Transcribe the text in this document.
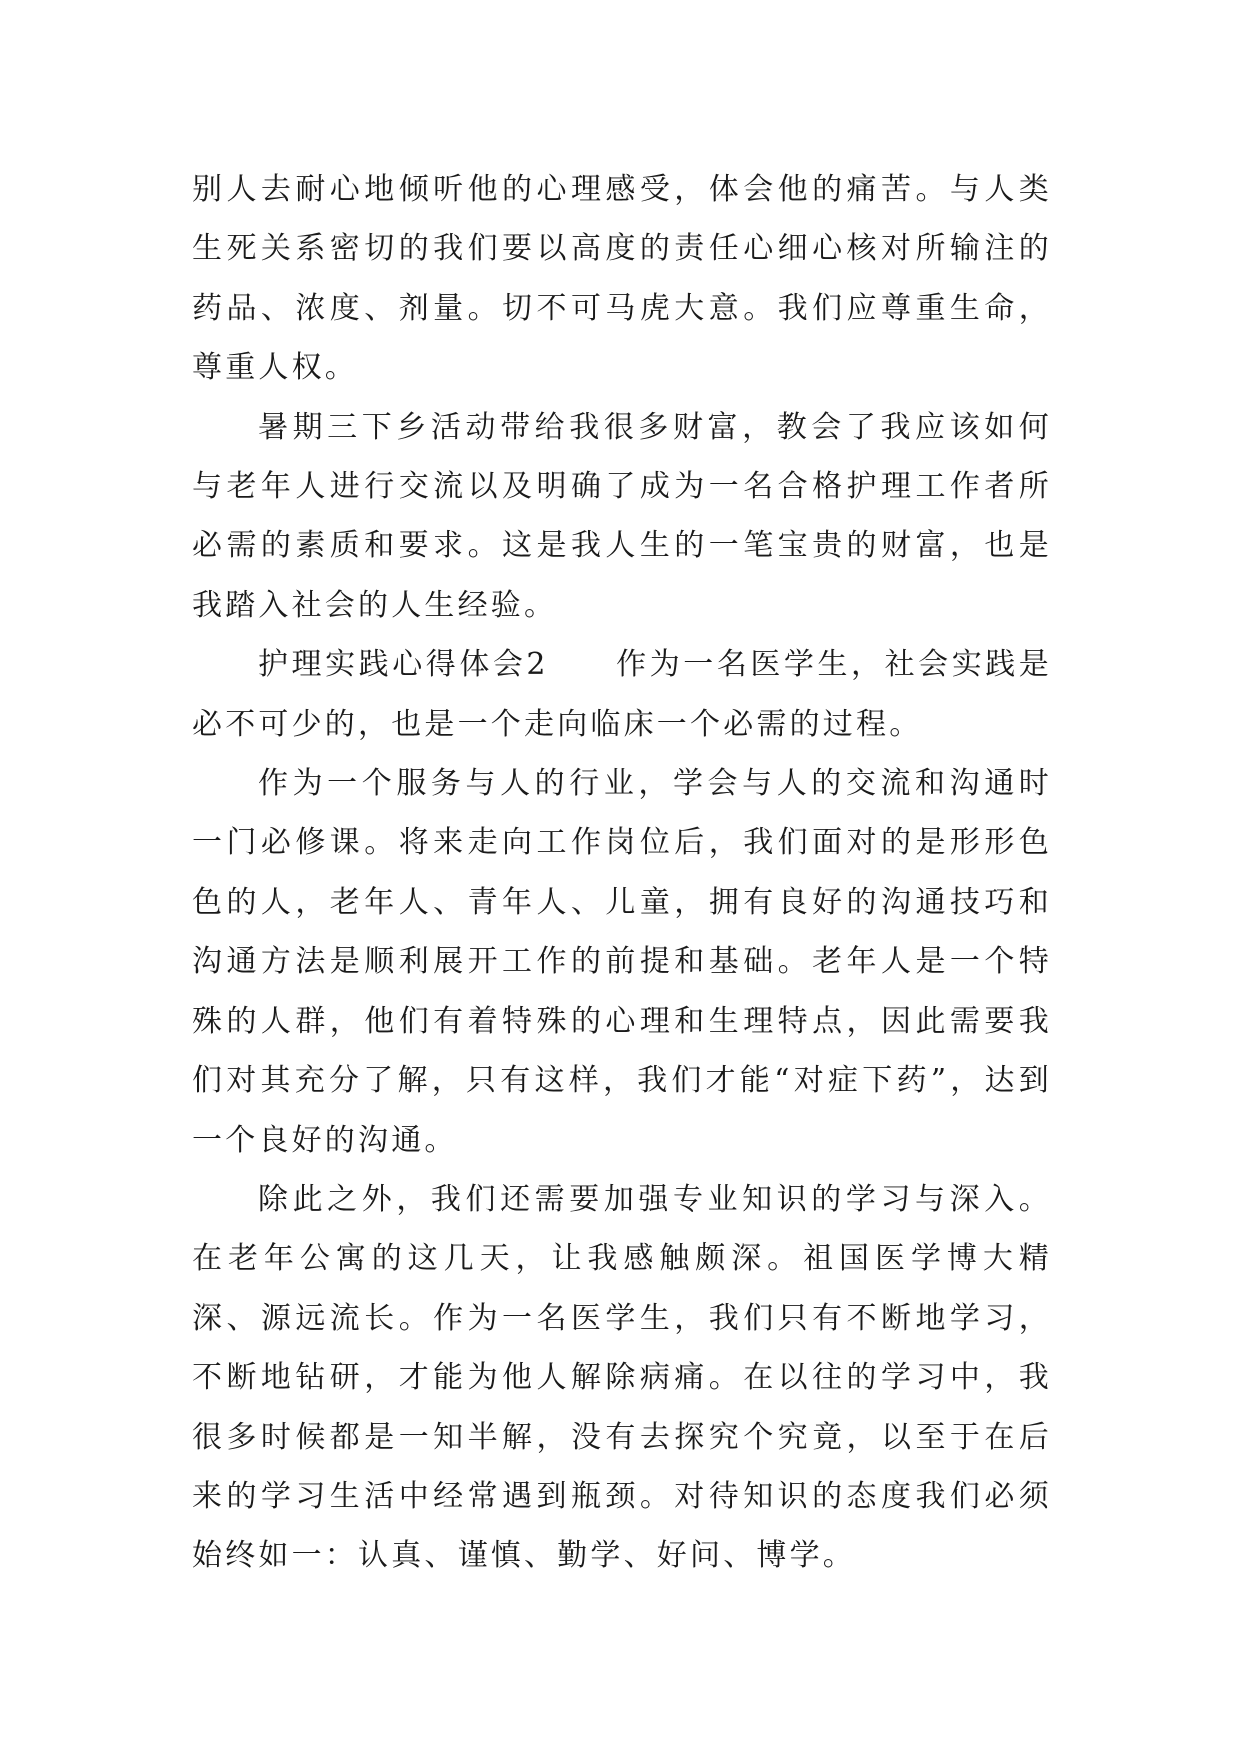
别人去耐心地倾听他的心理感受，体会他的痛苦。与人类生死关系密切的我们要以高度的责任心细心核对所输注的药品、浓度、剂量。切不可马虎大意。我们应尊重生命，尊重人权。

暑期三下乡活动带给我很多财富，教会了我应该如何与老年人进行交流以及明确了成为一名合格护理工作者所必需的素质和要求。这是我人生的一笔宝贵的财富，也是我踏入社会的人生经验。

护理实践心得体会2　　作为一名医学生，社会实践是必不可少的，也是一个走向临床一个必需的过程。

作为一个服务与人的行业，学会与人的交流和沟通时一门必修课。将来走向工作岗位后，我们面对的是形形色色的人，老年人、青年人、儿童，拥有良好的沟通技巧和沟通方法是顺利展开工作的前提和基础。老年人是一个特殊的人群，他们有着特殊的心理和生理特点，因此需要我们对其充分了解，只有这样，我们才能“对症下药”，达到一个良好的沟通。

除此之外，我们还需要加强专业知识的学习与深入。在老年公寓的这几天，让我感触颇深。祖国医学博大精深、源远流长。作为一名医学生，我们只有不断地学习，不断地钻研，才能为他人解除病痛。在以往的学习中，我很多时候都是一知半解，没有去探究个究竟，以至于在后来的学习生活中经常遇到瓶颈。对待知识的态度我们必须始终如一：认真、谨慎、勤学、好问、博学。
